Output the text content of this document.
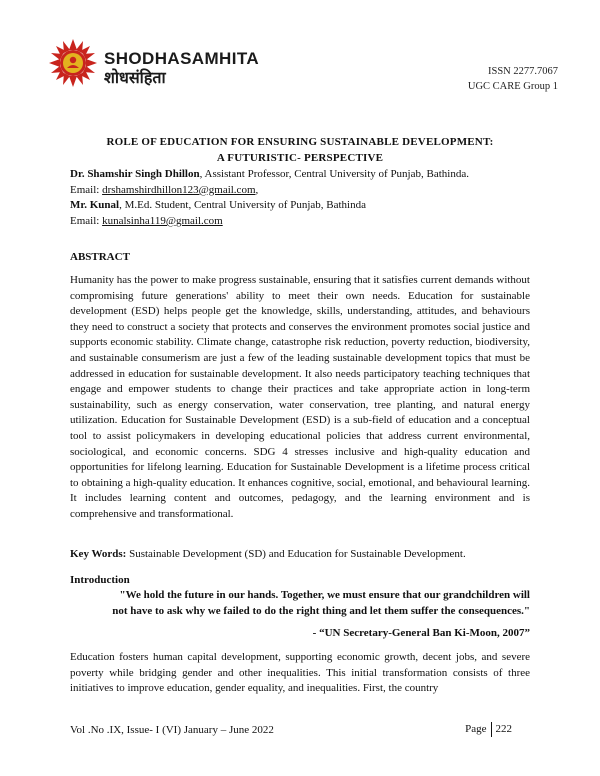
SHODHASAMHITA
शोधसंहिता	ISSN 2277.7067
UGC CARE Group 1
ROLE OF EDUCATION FOR ENSURING SUSTAINABLE DEVELOPMENT:
A FUTURISTIC- PERSPECTIVE
Dr. Shamshir Singh Dhillon, Assistant Professor, Central University of Punjab, Bathinda.
Email: drshamshirdhillon123@gmail.com,
Mr. Kunal, M.Ed. Student, Central University of Punjab, Bathinda
Email: kunalsinha119@gmail.com
ABSTRACT

Humanity has the power to make progress sustainable, ensuring that it satisfies current demands without compromising future generations' ability to meet their own needs. Education for sustainable development (ESD) helps people get the knowledge, skills, understanding, attitudes, and behaviours they need to construct a society that protects and conserves the environment promotes social justice and supports economic stability. Climate change, catastrophe risk reduction, poverty reduction, biodiversity, and sustainable consumerism are just a few of the leading sustainable development topics that must be addressed in education for sustainable development. It also needs participatory teaching techniques that engage and empower students to change their practices and take appropriate action in long-term sustainability, such as energy conservation, water conservation, tree planting, and natural energy utilization. Education for Sustainable Development (ESD) is a sub-field of education and a conceptual tool to assist policymakers in developing educational policies that address current environmental, sociological, and economic concerns. SDG 4 stresses inclusive and high-quality education and opportunities for lifelong learning. Education for Sustainable Development is a lifetime process critical to obtaining a high-quality education. It enhances cognitive, social, emotional, and behavioural learning. It includes learning content and outcomes, pedagogy, and the learning environment and is comprehensive and transformational.

Key Words: Sustainable Development (SD) and Education for Sustainable Development.
Introduction
"We hold the future in our hands. Together, we must ensure that our grandchildren will
not have to ask why we failed to do the right thing and let them suffer the consequences."
- “UN Secretary-General Ban Ki-Moon, 2007”

Education fosters human capital development, supporting economic growth, decent jobs, and severe poverty while bridging gender and other inequalities. This initial transformation consists of three initiatives to improve education, gender equality, and inequalities. First, the country

Vol .No .IX, Issue- I (VI) January – June 2022	Page 222
